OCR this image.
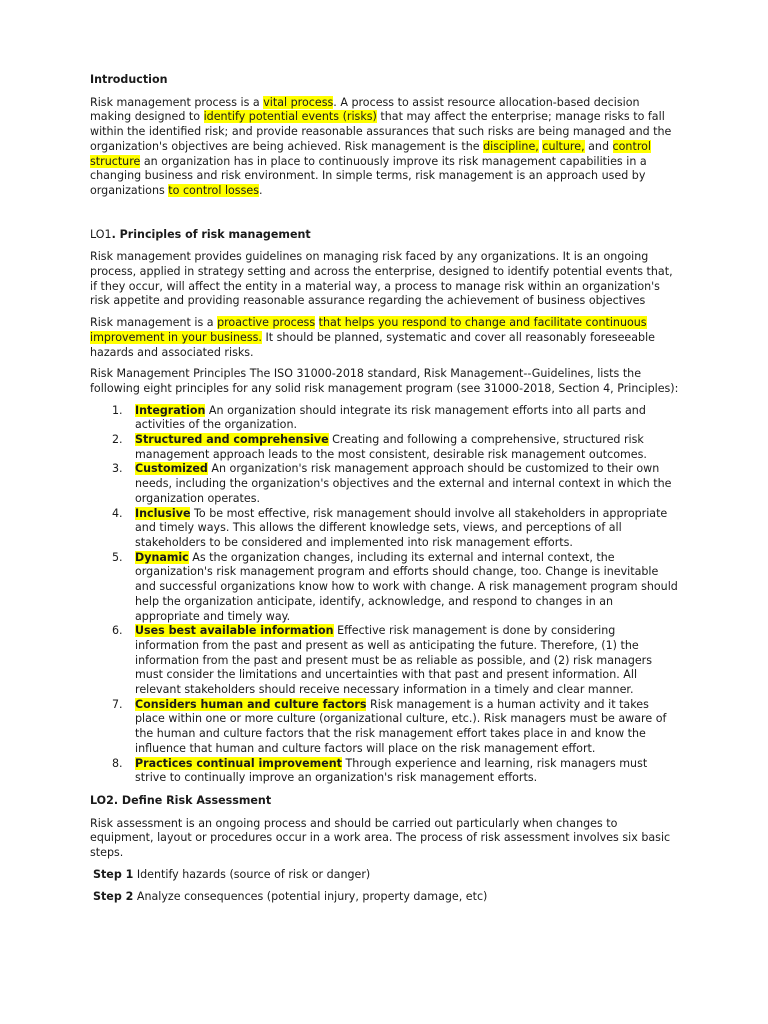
Introduction

Risk management process is a vital process. A process to assist resource allocation-based decision making designed to identify potential events (risks) that may affect the enterprise; manage risks to fall within the identified risk; and provide reasonable assurances that such risks are being managed and the organization's objectives are being achieved. Risk management is the discipline, culture, and control structure an organization has in place to continuously improve its risk management capabilities in a changing business and risk environment. In simple terms, risk management is an approach used by organizations to control losses.

LO1. Principles of risk management

Risk management provides guidelines on managing risk faced by any organizations. It is an ongoing process, applied in strategy setting and across the enterprise, designed to identify potential events that, if they occur, will affect the entity in a material way, a process to manage risk within an organization's risk appetite and providing reasonable assurance regarding the achievement of business objectives

Risk management is a proactive process that helps you respond to change and facilitate continuous improvement in your business. It should be planned, systematic and cover all reasonably foreseeable hazards and associated risks.

Risk Management Principles The ISO 31000-2018 standard, Risk Management--Guidelines, lists the following eight principles for any solid risk management program (see 31000-2018, Section 4, Principles):

1. Integration An organization should integrate its risk management efforts into all parts and activities of the organization.
2. Structured and comprehensive Creating and following a comprehensive, structured risk management approach leads to the most consistent, desirable risk management outcomes.
3. Customized An organization's risk management approach should be customized to their own needs, including the organization's objectives and the external and internal context in which the organization operates.
4. Inclusive To be most effective, risk management should involve all stakeholders in appropriate and timely ways. This allows the different knowledge sets, views, and perceptions of all stakeholders to be considered and implemented into risk management efforts.
5. Dynamic As the organization changes, including its external and internal context, the organization's risk management program and efforts should change, too. Change is inevitable and successful organizations know how to work with change. A risk management program should help the organization anticipate, identify, acknowledge, and respond to changes in an appropriate and timely way.
6. Uses best available information Effective risk management is done by considering information from the past and present as well as anticipating the future. Therefore, (1) the information from the past and present must be as reliable as possible, and (2) risk managers must consider the limitations and uncertainties with that past and present information. All relevant stakeholders should receive necessary information in a timely and clear manner.
7. Considers human and culture factors Risk management is a human activity and it takes place within one or more culture (organizational culture, etc.). Risk managers must be aware of the human and culture factors that the risk management effort takes place in and know the influence that human and culture factors will place on the risk management effort.
8. Practices continual improvement Through experience and learning, risk managers must strive to continually improve an organization's risk management efforts.

LO2. Define Risk Assessment

Risk assessment is an ongoing process and should be carried out particularly when changes to equipment, layout or procedures occur in a work area. The process of risk assessment involves six basic steps.

Step 1 Identify hazards (source of risk or danger)

Step 2 Analyze consequences (potential injury, property damage, etc)
